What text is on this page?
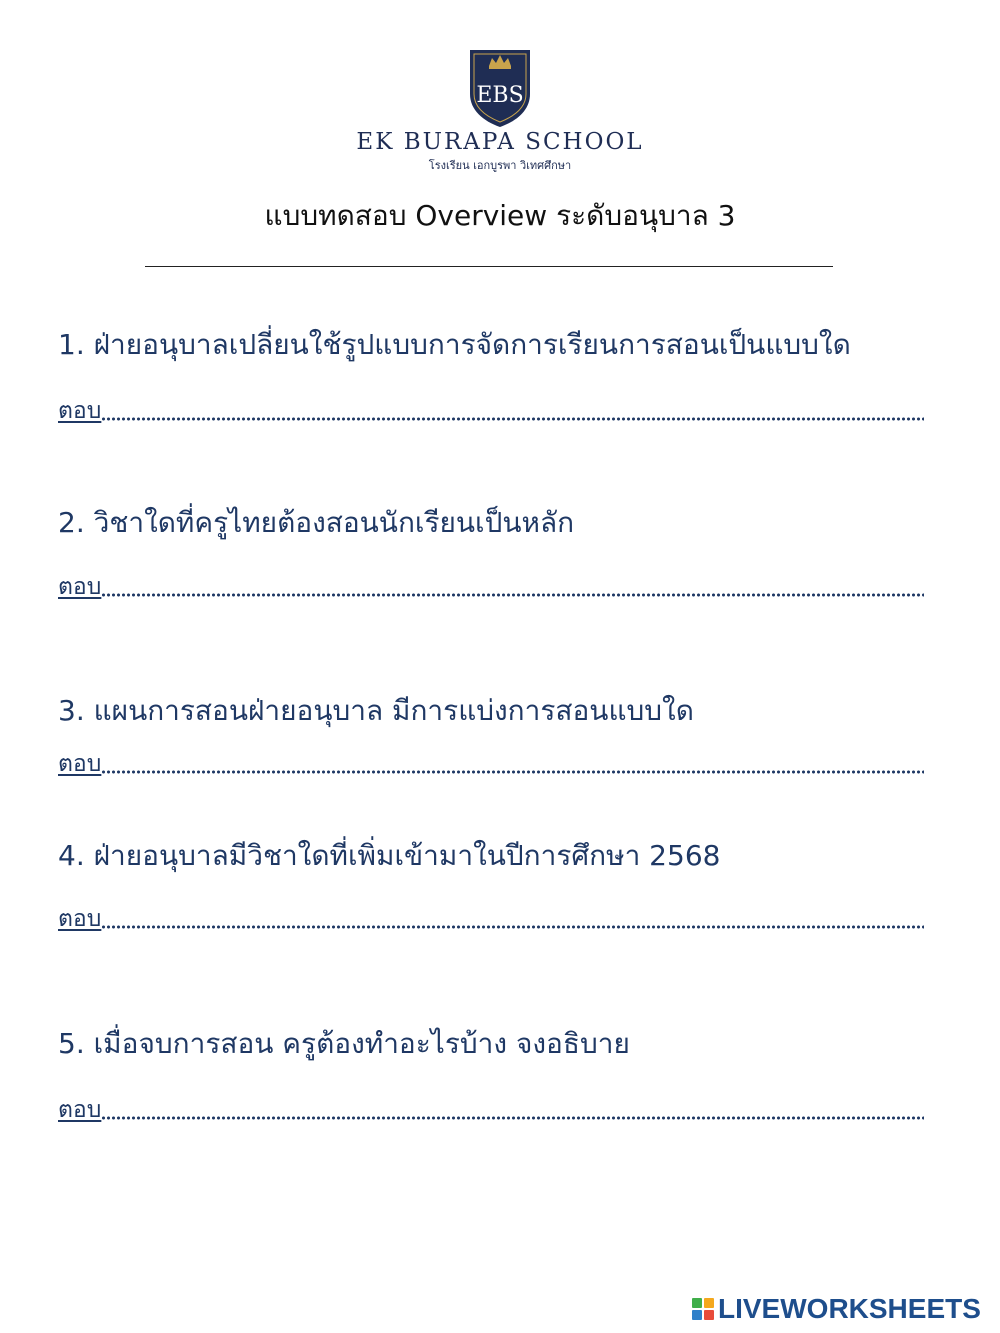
EBS
EK BURAPA SCHOOL
โรงเรียน เอกบูรพา วิเทศศึกษา
แบบทดสอบ Overview ระดับอนุบาล 3
1. ฝ่ายอนุบาลเปลี่ยนใช้รูปแบบการจัดการเรียนการสอนเป็นแบบใด
ตอบ
2. วิชาใดที่ครูไทยต้องสอนนักเรียนเป็นหลัก
ตอบ
3. แผนการสอนฝ่ายอนุบาล มีการแบ่งการสอนแบบใด
ตอบ
4. ฝ่ายอนุบาลมีวิชาใดที่เพิ่มเข้ามาในปีการศึกษา 2568
ตอบ
5. เมื่อจบการสอน ครูต้องทำอะไรบ้าง จงอธิบาย
ตอบ
LIVEWORKSHEETS
